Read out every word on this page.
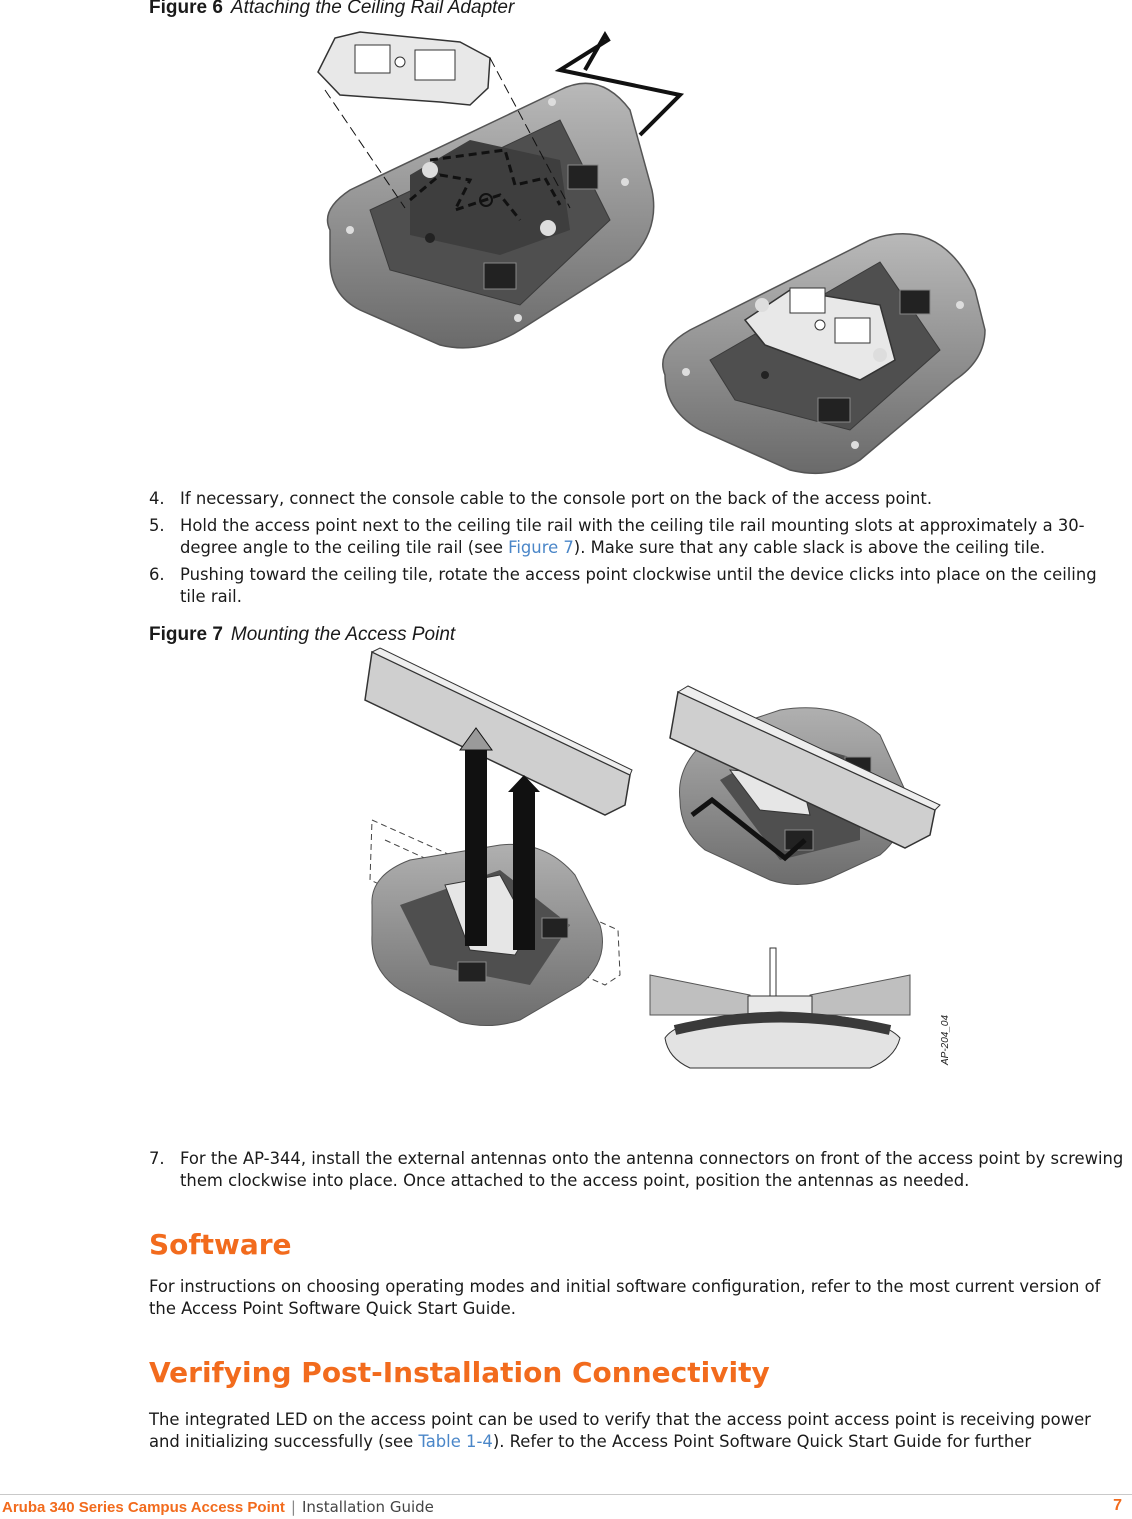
Figure 6 Attaching the Ceiling Rail Adapter
4. If necessary, connect the console cable to the console port on the back of the access point.
5. Hold the access point next to the ceiling tile rail with the ceiling tile rail mounting slots at approximately a 30-degree angle to the ceiling tile rail (see Figure 7). Make sure that any cable slack is above the ceiling tile.
6. Pushing toward the ceiling tile, rotate the access point clockwise until the device clicks into place on the ceiling tile rail.
Figure 7 Mounting the Access Point
AP-204_04
7. For the AP-344, install the external antennas onto the antenna connectors on front of the access point by screwing them clockwise into place. Once attached to the access point, position the antennas as needed.
Software

For instructions on choosing operating modes and initial software configuration, refer to the most current version of the Access Point Software Quick Start Guide.

Verifying Post-Installation Connectivity

The integrated LED on the access point can be used to verify that the access point access point is receiving power and initializing successfully (see Table 1-4). Refer to the Access Point Software Quick Start Guide for further

Aruba 340 Series Campus Access Point | Installation Guide	7
